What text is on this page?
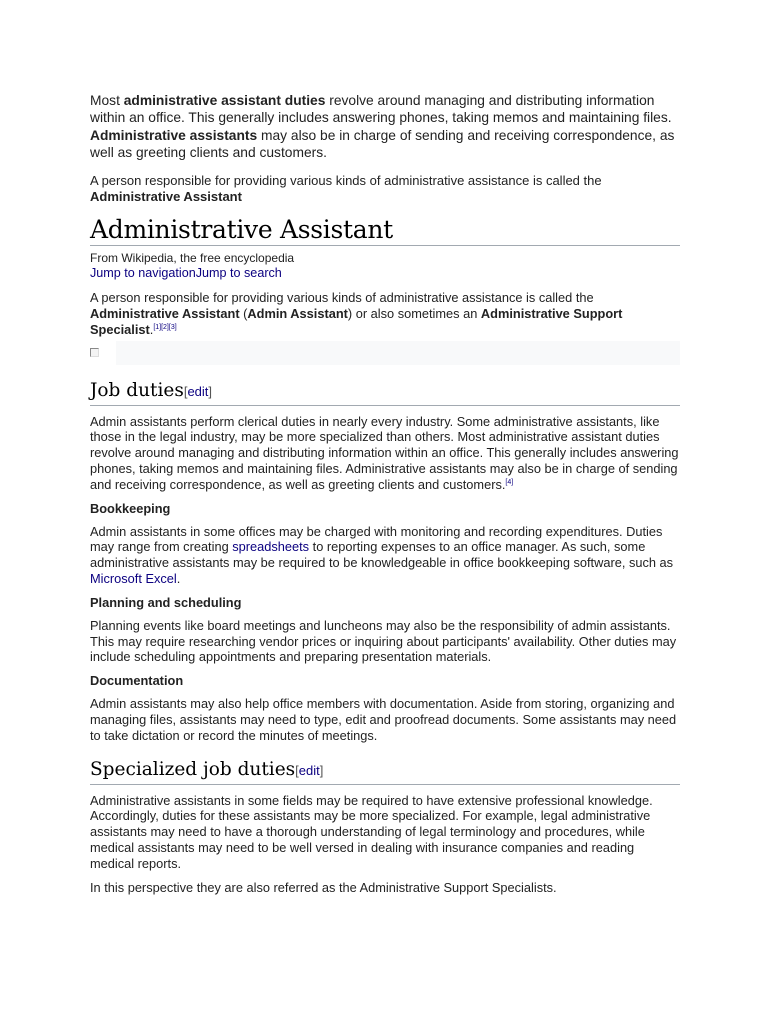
Most administrative assistant duties revolve around managing and distributing information within an office. This generally includes answering phones, taking memos and maintaining files. Administrative assistants may also be in charge of sending and receiving correspondence, as well as greeting clients and customers.

A person responsible for providing various kinds of administrative assistance is called the Administrative Assistant

Administrative Assistant
From Wikipedia, the free encyclopedia
Jump to navigationJump to search

A person responsible for providing various kinds of administrative assistance is called the Administrative Assistant (Admin Assistant) or also sometimes an Administrative Support Specialist.[1][2][3]

Job duties[edit]

Admin assistants perform clerical duties in nearly every industry. Some administrative assistants, like those in the legal industry, may be more specialized than others. Most administrative assistant duties revolve around managing and distributing information within an office. This generally includes answering phones, taking memos and maintaining files. Administrative assistants may also be in charge of sending and receiving correspondence, as well as greeting clients and customers.[4]

Bookkeeping

Admin assistants in some offices may be charged with monitoring and recording expenditures. Duties may range from creating spreadsheets to reporting expenses to an office manager. As such, some administrative assistants may be required to be knowledgeable in office bookkeeping software, such as Microsoft Excel.

Planning and scheduling

Planning events like board meetings and luncheons may also be the responsibility of admin assistants. This may require researching vendor prices or inquiring about participants' availability. Other duties may include scheduling appointments and preparing presentation materials.

Documentation

Admin assistants may also help office members with documentation. Aside from storing, organizing and managing files, assistants may need to type, edit and proofread documents. Some assistants may need to take dictation or record the minutes of meetings.

Specialized job duties[edit]

Administrative assistants in some fields may be required to have extensive professional knowledge. Accordingly, duties for these assistants may be more specialized. For example, legal administrative assistants may need to have a thorough understanding of legal terminology and procedures, while medical assistants may need to be well versed in dealing with insurance companies and reading medical reports.

In this perspective they are also referred as the Administrative Support Specialists.
